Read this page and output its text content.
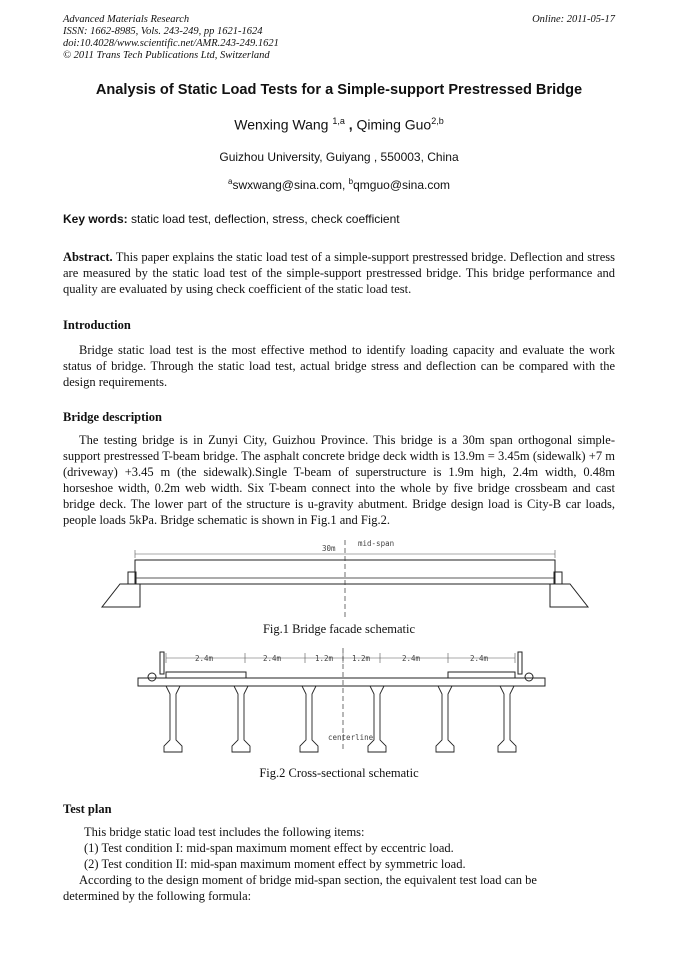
Advanced Materials Research
ISSN: 1662-8985, Vols. 243-249, pp 1621-1624
doi:10.4028/www.scientific.net/AMR.243-249.1621
© 2011 Trans Tech Publications Ltd, Switzerland
Online: 2011-05-17
Analysis of Static Load Tests for a Simple-support Prestressed Bridge
Wenxing Wang $^{1,a}$ , Qiming Guo$^{2,b}$
Guizhou University, Guiyang , 550003, China
$^a$swxwang@sina.com, $^b$qmguo@sina.com
Key words: static load test, deflection, stress, check coefficient
Abstract. This paper explains the static load test of a simple-support prestressed bridge. Deflection and stress are measured by the static load test of the simple-support prestressed bridge. This bridge performance and quality are evaluated by using check coefficient of the static load test.
Introduction
Bridge static load test is the most effective method to identify loading capacity and evaluate the work status of bridge. Through the static load test, actual bridge stress and deflection can be compared with the design requirements.
Bridge description
The testing bridge is in Zunyi City, Guizhou Province. This bridge is a 30m span orthogonal simple-support prestressed T-beam bridge. The asphalt concrete bridge deck width is 13.9m = 3.45m (sidewalk) +7 m (driveway) +3.45 m (the sidewalk).Single T-beam of superstructure is 1.9m high, 2.4m width, 0.48m horseshoe width, 0.2m web width. Six T-beam connect into the whole by five bridge crossbeam and cast bridge deck. The lower part of the structure is u-gravity abutment. Bridge design load is City-B car loads, people loads 5kPa. Bridge schematic is shown in Fig.1 and Fig.2.
30m
mid-span
Fig.1 Bridge facade schematic
2.4m	2.4m	1.2m	1.2m	2.4m	2.4m
centerline
Fig.2 Cross-sectional schematic
Test plan
This bridge static load test includes the following items:
(1) Test condition I: mid-span maximum moment effect by eccentric load.
(2) Test condition II: mid-span maximum moment effect by symmetric load.
According to the design moment of bridge mid-span section, the equivalent test load can be
determined by the following formula:
